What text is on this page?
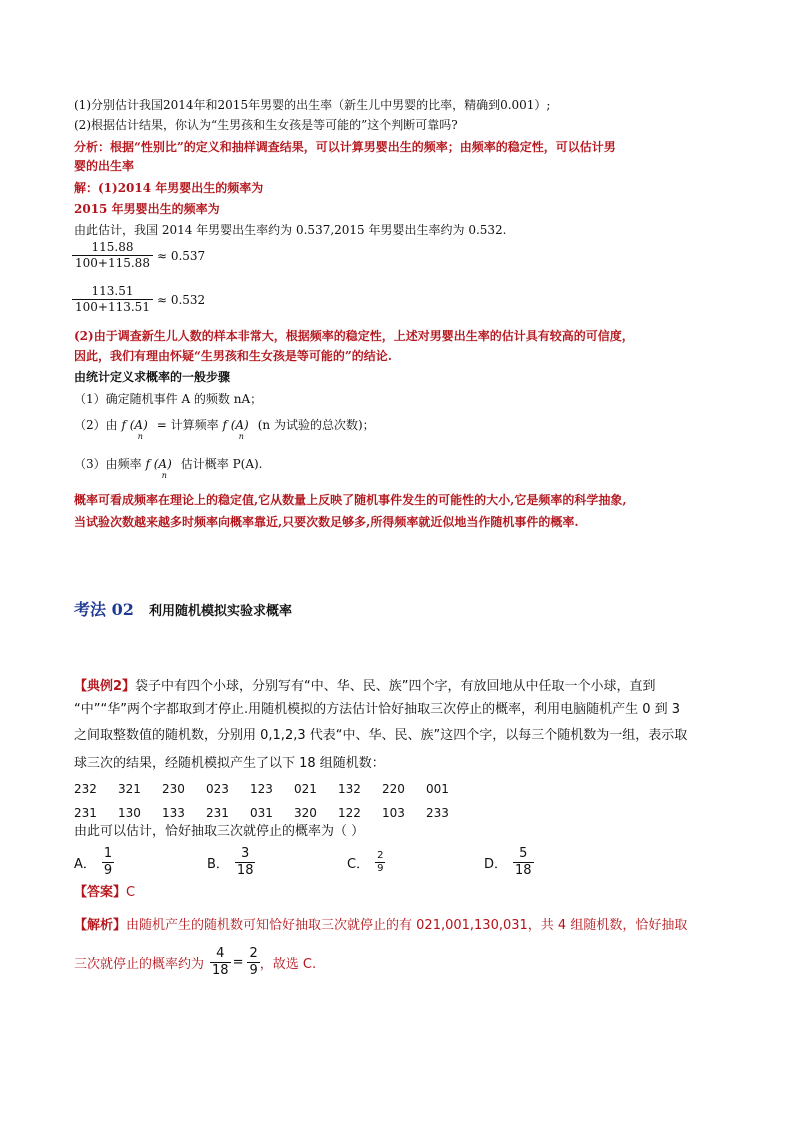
(1)分别估计我国2014年和2015年男婴的出生率（新生儿中男婴的比率，精确到0.001）;
(2)根据估计结果，你认为“生男孩和生女孩是等可能的”这个判断可靠吗?
分析：根据“性别比”的定义和抽样调查结果，可以计算男婴出生的频率；由频率的稳定性，可以估计男
婴的出生率
解：(1)2014 年男婴出生的频率为
2015 年男婴出生的频率为
由此估计，我国 2014 年男婴出生率约为 0.537,2015 年男婴出生率约为 0.532.
$\frac{115.88}{100+115.88} \approx 0.537$
$\frac{113.51}{100+113.51} \approx 0.532$
(2)由于调查新生儿人数的样本非常大，根据频率的稳定性，上述对男婴出生率的估计具有较高的可信度，
因此，我们有理由怀疑“生男孩和生女孩是等可能的”的结论.
由统计定义求概率的一般步骤
（1）确定随机事件 A 的频数 nA；
（2）由 f $(A)_n$ = 计算频率 f $(A)_n$ (n 为试验的总次数)；
（3）由频率 f $(A)_n$ 估计概率 P(A).
概率可看成频率在理论上的稳定值,它从数量上反映了随机事件发生的可能性的大小,它是频率的科学抽象,
当试验次数越来越多时频率向概率靠近,只要次数足够多,所得频率就近似地当作随机事件的概率.
考法 02 利用随机模拟实验求概率
【典例2】袋子中有四个小球，分别写有“中、华、民、族”四个字，有放回地从中任取一个小球，直到
“中”“华”两个字都取到才停止.用随机模拟的方法估计恰好抽取三次停止的概率，利用电脑随机产生 0 到 3
之间取整数值的随机数，分别用 0,1,2,3 代表“中、华、民、族”这四个字，以每三个随机数为一组，表示取
球三次的结果，经随机模拟产生了以下 18 组随机数：
232	321	230	023	123	021	132	220	001
231	130	133	231	031	320	122	103	233
由此可以估计，恰好抽取三次就停止的概率为（ ）
A． $\frac{1}{9}$	B． $\frac{3}{18}$	C． $\frac{2}{9}$	D． $\frac{5}{18}$
【答案】C
【解析】由随机产生的随机数可知恰好抽取三次就停止的有 021,001,130,031，共 4 组随机数，恰好抽取
三次就停止的概率约为 $\frac{4}{18} = \frac{2}{9}$ ，故选 C.
